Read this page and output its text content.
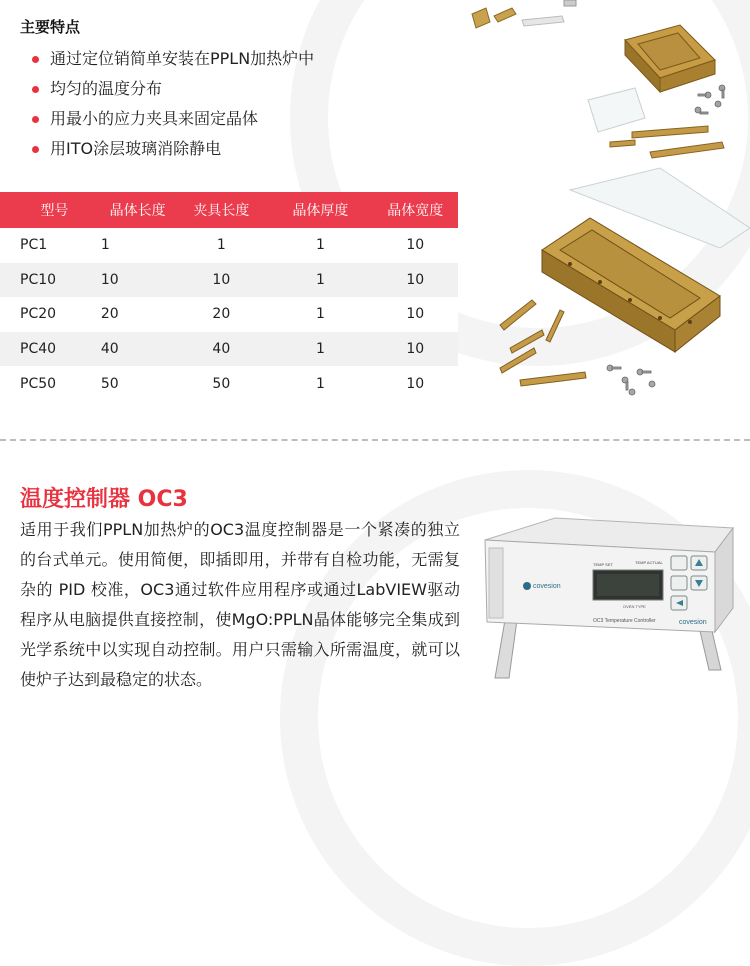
主要特点
通过定位销简单安装在PPLN加热炉中
均匀的温度分布
用最小的应力夹具来固定晶体
用ITO涂层玻璃消除静电
型号	晶体长度	夹具长度	晶体厚度	晶体宽度
PC1	1	1	1	10
PC10	10	10	1	10
PC20	20	20	1	10
PC40	40	40	1	10
PC50	50	50	1	10
温度控制器 OC3

适用于我们PPLN加热炉的OC3温度控制器是一个紧凑的独立的台式单元。使用简便，即插即用，并带有自检功能，无需复杂的 PID 校准，OC3通过软件应用程序或通过LabVIEW驱动程序从电脑提供直接控制，使MgO:PPLN晶体能够完全集成到光学系统中以实现自动控制。用户只需输入所需温度，就可以使炉子达到最稳定的状态。

TEMP SET	TEMP ACTUAL
OVEN TYPE
covesion
covesion
OC3 Temperature Controller
